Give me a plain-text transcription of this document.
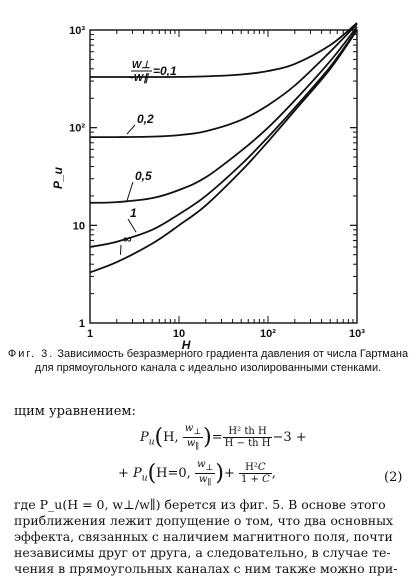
1	10	10²	10³
1
10
10²
10³
H
P_u
0,2
0,5
1
∞
W⊥
W∥
=0,1
Фиг. 3. Зависимость безразмерного градиента давления от числа Гартмана для прямоугольного канала с идеально изолированными стенками.
щим уравнением:
$P_u(H$, $\frac{w_\perp}{w_\parallel}$ )= $\frac{\text{H² th H}}{\text{H − th H}} -3$ +
+ $P_u(H=0$, $\frac{w_\perp}{w_\parallel}$ )+ $\frac{\text{H²C}}{1 + C}$ ,	(2)
где P_u(H = 0, w⊥/w∥) берется из фиг. 5. В основе этого
приближения лежит допущение о том, что два основных
эффекта, связанных с наличием магнитного поля, почти
независимы друг от друга, а следовательно, в случае те-
чения в прямоугольных каналах с ним также можно при-
